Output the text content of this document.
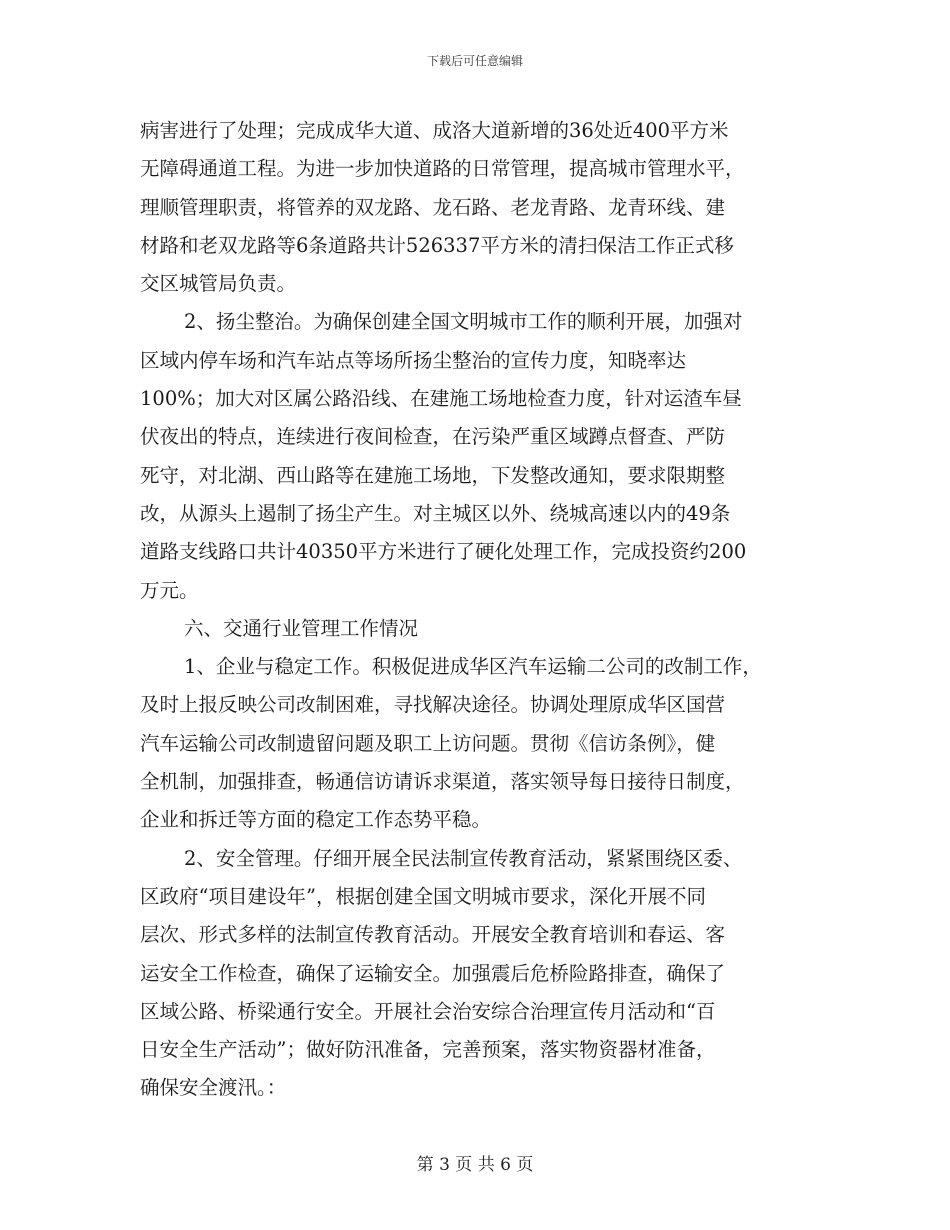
下载后可任意编辑
病害进行了处理；完成成华大道、成洛大道新增的36处近400平方米
无障碍通道工程。为进一步加快道路的日常管理，提高城市管理水平，
理顺管理职责，将管养的双龙路、龙石路、老龙青路、龙青环线、建
材路和老双龙路等6条道路共计526337平方米的清扫保洁工作正式移
交区城管局负责。
2、扬尘整治。为确保创建全国文明城市工作的顺利开展，加强对
区域内停车场和汽车站点等场所扬尘整治的宣传力度，知晓率达
100%；加大对区属公路沿线、在建施工场地检查力度，针对运渣车昼
伏夜出的特点，连续进行夜间检查，在污染严重区域蹲点督查、严防
死守，对北湖、西山路等在建施工场地，下发整改通知，要求限期整
改，从源头上遏制了扬尘产生。对主城区以外、绕城高速以内的49条
道路支线路口共计40350平方米进行了硬化处理工作，完成投资约200
万元。
六、交通行业管理工作情况
1、企业与稳定工作。积极促进成华区汽车运输二公司的改制工作，
及时上报反映公司改制困难，寻找解决途径。协调处理原成华区国营
汽车运输公司改制遗留问题及职工上访问题。贯彻《信访条例》，健
全机制，加强排查，畅通信访请诉求渠道，落实领导每日接待日制度，
企业和拆迁等方面的稳定工作态势平稳。
2、安全管理。仔细开展全民法制宣传教育活动，紧紧围绕区委、
区政府“项目建设年”，根据创建全国文明城市要求，深化开展不同
层次、形式多样的法制宣传教育活动。开展安全教育培训和春运、客
运安全工作检查，确保了运输安全。加强震后危桥险路排查，确保了
区域公路、桥梁通行安全。开展社会治安综合治理宣传月活动和“百
日安全生产活动”；做好防汛准备，完善预案，落实物资器材准备，
确保安全渡汛。：
第 3 页 共 6 页
